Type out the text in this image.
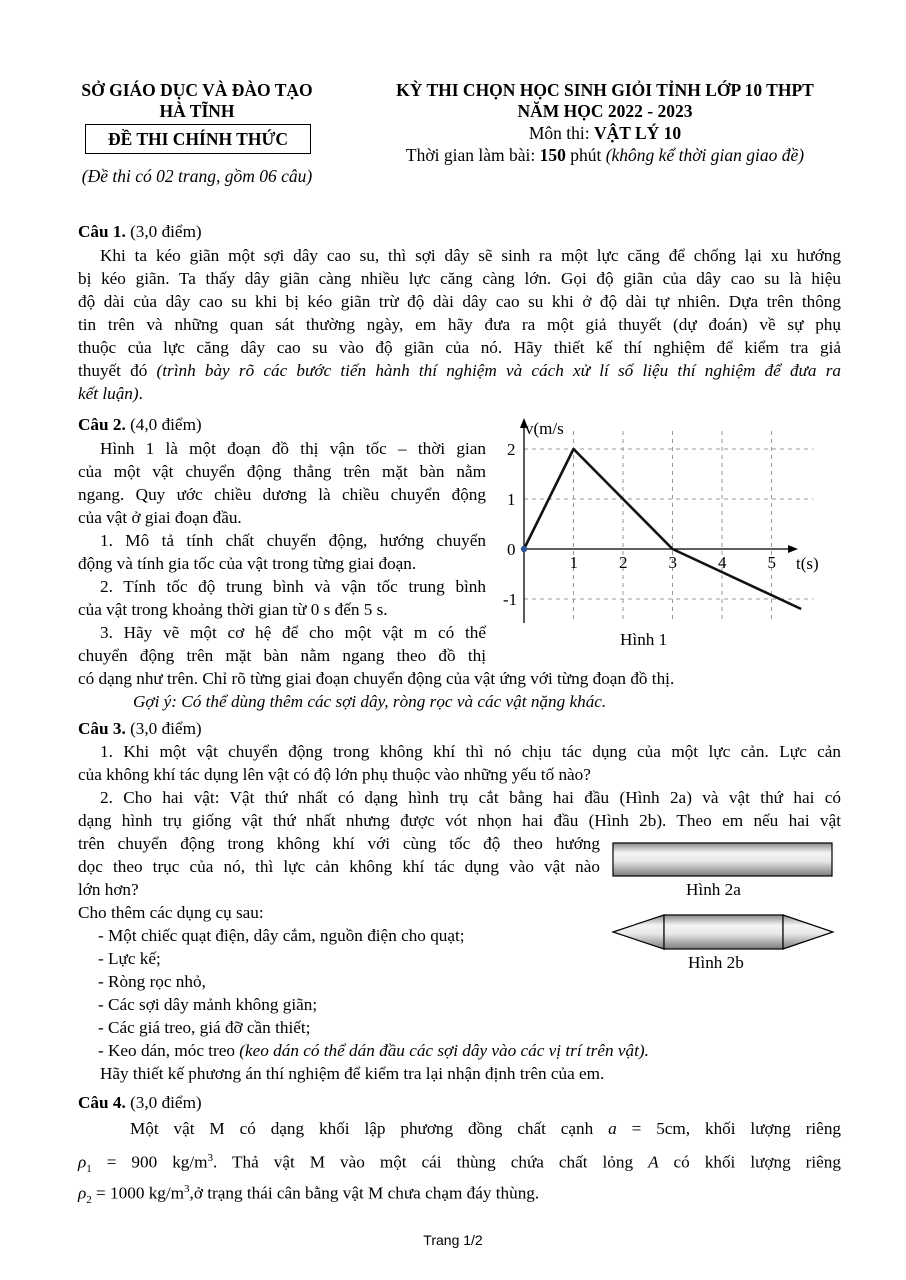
SỞ GIÁO DỤC VÀ ĐÀO TẠO
HÀ TĨNH
ĐỀ THI CHÍNH THỨC
(Đề thi có 02 trang, gồm 06 câu)
KỲ THI CHỌN HỌC SINH GIỎI TỈNH LỚP 10 THPT
NĂM HỌC 2022 - 2023
Môn thi: VẬT LÝ 10
Thời gian làm bài: 150 phút (không kể thời gian giao đề)
Câu 1. (3,0 điểm)
Khi ta kéo giãn một sợi dây cao su, thì sợi dây sẽ sinh ra một lực căng để chống lại xu hướng
bị kéo giãn. Ta thấy dây giãn càng nhiều lực căng càng lớn. Gọi độ giãn của dây cao su là hiệu
độ dài của dây cao su khi bị kéo giãn trừ độ dài dây cao su khi ở độ dài tự nhiên. Dựa trên thông
tin trên và những quan sát thường ngày, em hãy đưa ra một giả thuyết (dự đoán) về sự phụ
thuộc của lực căng dây cao su vào độ giãn của nó. Hãy thiết kế thí nghiệm để kiểm tra giả
thuyết đó (trình bày rõ các bước tiến hành thí nghiệm và cách xử lí số liệu thí nghiệm để đưa ra
kết luận).
Câu 2. (4,0 điểm)
Hình 1 là một đoạn đồ thị vận tốc – thời gian
của một vật chuyển động thẳng trên mặt bàn nằm
ngang. Quy ước chiều dương là chiều chuyển động
của vật ở giai đoạn đầu.
1. Mô tả tính chất chuyển động, hướng chuyển
động và tính gia tốc của vật trong từng giai đoạn.
2. Tính tốc độ trung bình và vận tốc trung bình
của vật trong khoảng thời gian từ 0 s đến 5 s.
3. Hãy vẽ một cơ hệ để cho một vật m có thể
chuyển động trên mặt bàn nằm ngang theo đồ thị
có dạng như trên. Chỉ rõ từng giai đoạn chuyển động của vật ứng với từng đoạn đồ thị.
Gợi ý: Có thể dùng thêm các sợi dây, ròng rọc và các vật nặng khác.
1 2 3 4 5
2
1
0
-1
t(s)
v(m/s
Hình 1
Câu 3. (3,0 điểm)
1. Khi một vật chuyển động trong không khí thì nó chịu tác dụng của một lực cản. Lực cản
của không khí tác dụng lên vật có độ lớn phụ thuộc vào những yếu tố nào?
2. Cho hai vật: Vật thứ nhất có dạng hình trụ cắt bằng hai đầu (Hình 2a) và vật thứ hai có
dạng hình trụ giống vật thứ nhất nhưng được vót nhọn hai đầu (Hình 2b). Theo em nếu hai vật
trên chuyển động trong không khí với cùng tốc độ theo hướng
dọc theo trục của nó, thì lực cản không khí tác dụng vào vật nào
lớn hơn?
Cho thêm các dụng cụ sau:
- Một chiếc quạt điện, dây cắm, nguồn điện cho quạt;
- Lực kế;
- Ròng rọc nhỏ,
- Các sợi dây mảnh không giãn;
- Các giá treo, giá đỡ cần thiết;
- Keo dán, móc treo (keo dán có thể dán đầu các sợi dây vào các vị trí trên vật).
Hãy thiết kế phương án thí nghiệm để kiểm tra lại nhận định trên của em.
Hình 2a
Hình 2b
Câu 4. (3,0 điểm)
Một vật M có dạng khối lập phương đồng chất cạnh a = 5cm, khối lượng riêng
$\rho_1 = 900$ $kg/m^3$. Thả vật M vào một cái thùng chứa chất lỏng A có khối lượng riêng
$\rho_2 = 1000$ $kg/m^3,ở$ trạng thái cân bằng vật M chưa chạm đáy thùng.
Trang 1/2
